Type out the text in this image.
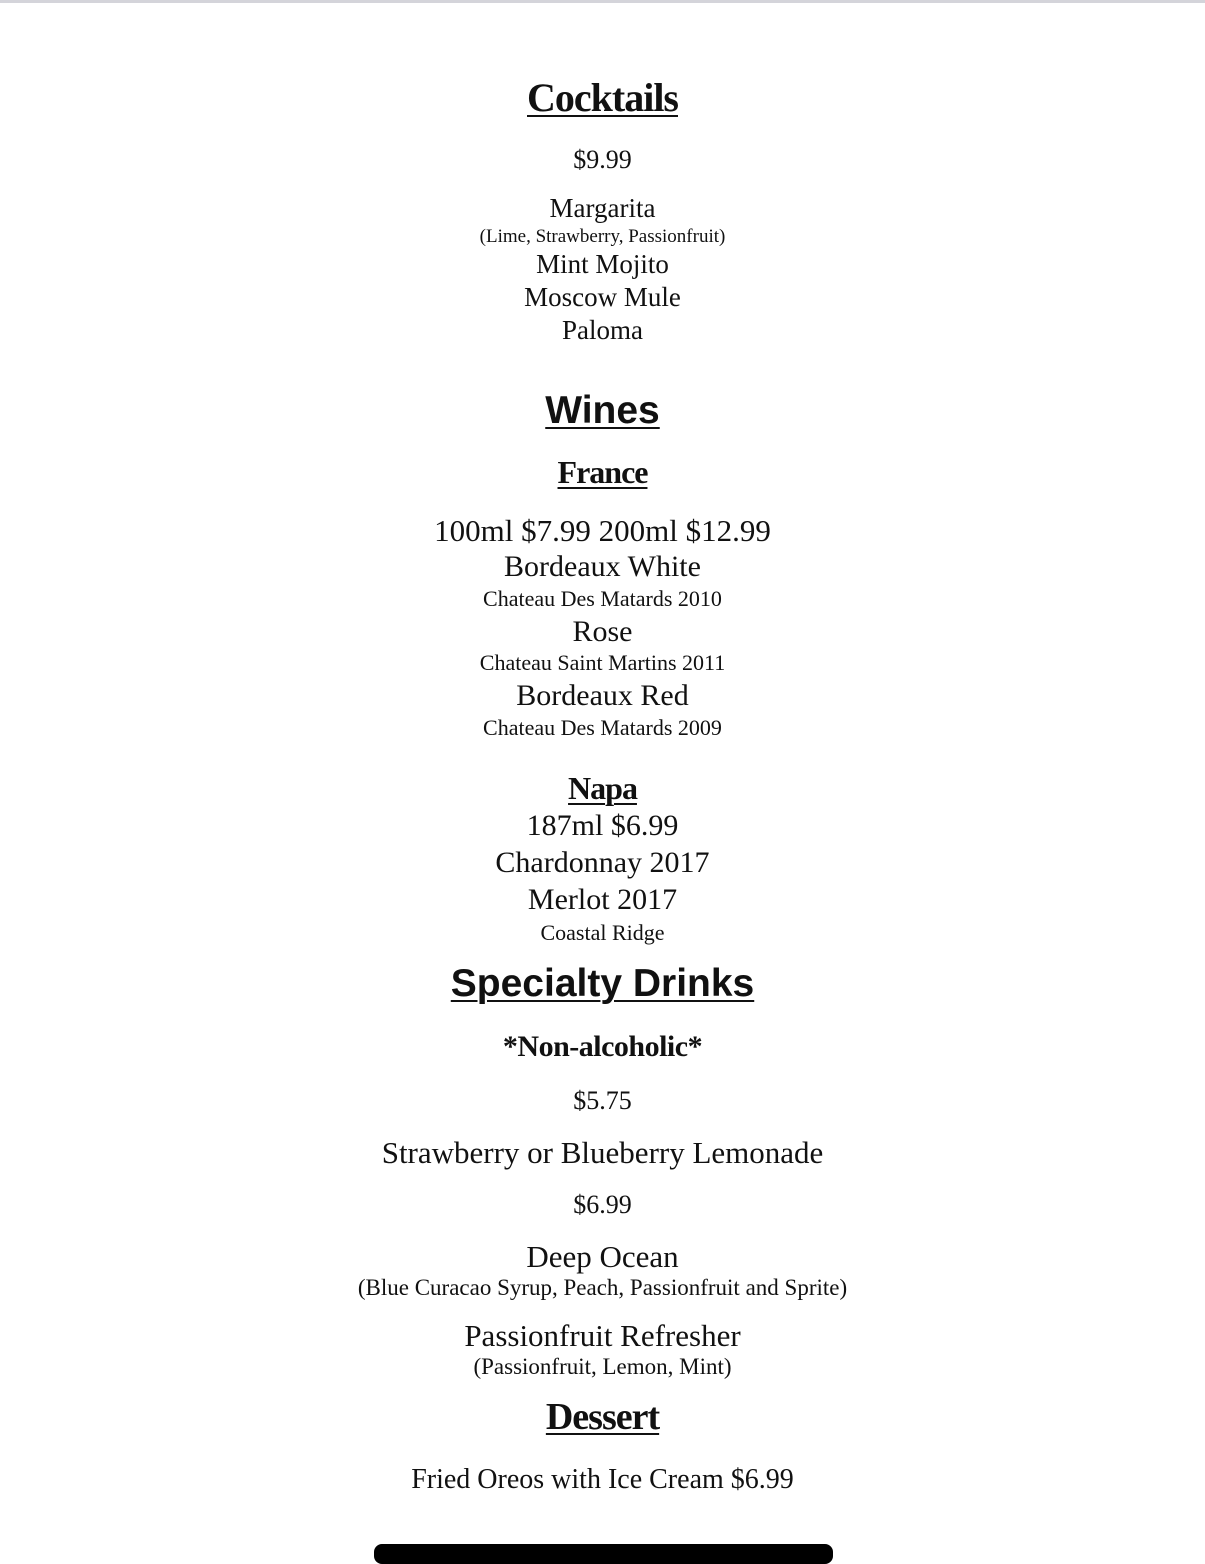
Cocktails
$9.99
Margarita
(Lime, Strawberry, Passionfruit)
Mint Mojito
Moscow Mule
Paloma
Wines
France
100ml $7.99 200ml $12.99
Bordeaux White
Chateau Des Matards 2010
Rose
Chateau Saint Martins 2011
Bordeaux Red
Chateau Des Matards 2009
Napa
187ml $6.99
Chardonnay 2017
Merlot 2017
Coastal Ridge
Specialty Drinks
*Non-alcoholic*
$5.75
Strawberry or Blueberry Lemonade
$6.99
Deep Ocean
(Blue Curacao Syrup, Peach, Passionfruit and Sprite)
Passionfruit Refresher
(Passionfruit, Lemon, Mint)
Dessert
Fried Oreos with Ice Cream $6.99
